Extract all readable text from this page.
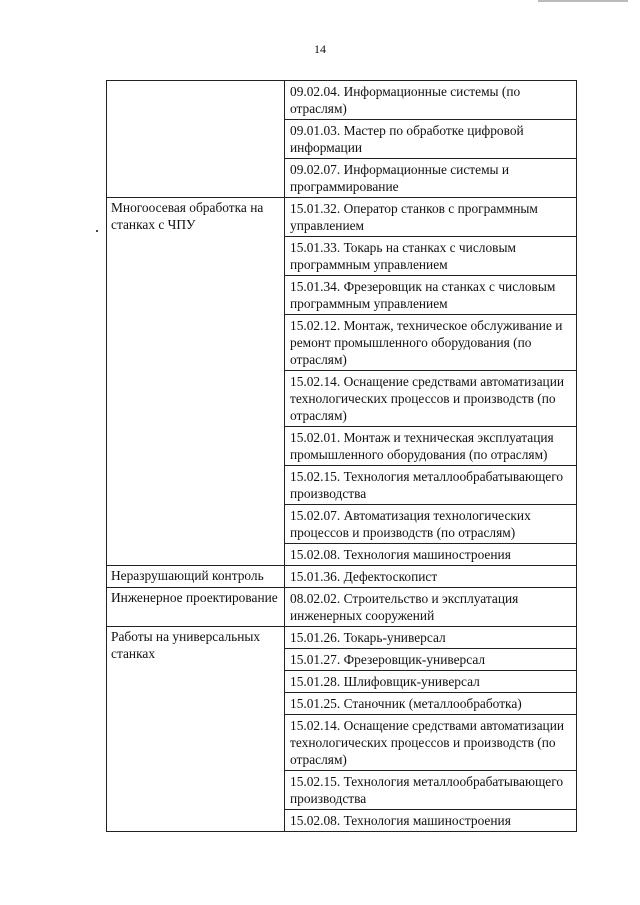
14
	09.02.04. Информационные системы (по отраслям)
	09.01.03. Мастер по обработке цифровой информации
	09.02.07. Информационные системы и программирование
Многоосевая обработка на станках с ЧПУ	15.01.32. Оператор станков с программным управлением
	15.01.33. Токарь на станках с числовым программным управлением
	15.01.34. Фрезеровщик на станках с числовым программным управлением
	15.02.12. Монтаж, техническое обслуживание и ремонт промышленного оборудования (по отраслям)
	15.02.14. Оснащение средствами автоматизации технологических процессов и производств (по отраслям)
	15.02.01. Монтаж и техническая эксплуатация промышленного оборудования (по отраслям)
	15.02.15. Технология металлообрабатывающего производства
	15.02.07. Автоматизация технологических процессов и производств (по отраслям)
	15.02.08. Технология машиностроения
Неразрушающий контроль	15.01.36. Дефектоскопист
Инженерное проектирование	08.02.02. Строительство и эксплуатация инженерных сооружений
Работы на универсальных станках	15.01.26. Токарь-универсал
	15.01.27. Фрезеровщик-универсал
	15.01.28. Шлифовщик-универсал
	15.01.25. Станочник (металлообработка)
	15.02.14. Оснащение средствами автоматизации технологических процессов и производств (по отраслям)
	15.02.15. Технология металлообрабатывающего производства
	15.02.08. Технология машиностроения
